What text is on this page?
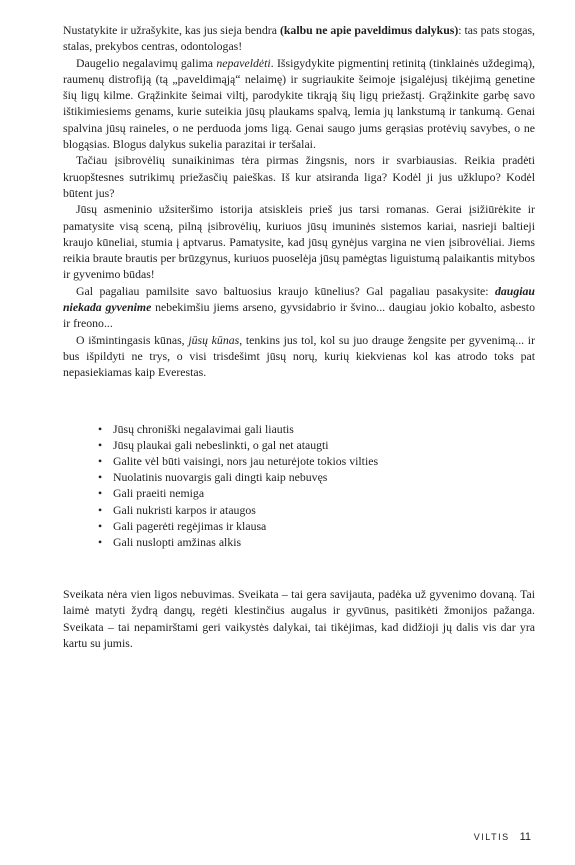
Nustatykite ir užrašykite, kas jus sieja bendra (kalbu ne apie paveldimus dalykus): tas pats stogas, stalas, prekybos centras, odontologas!

Daugelio negalavimų galima nepaveldėti. Išsigydykite pigmentinį retinitą (tinklainės uždegimą), raumenų distrofiją (tą „paveldimąją“ nelaimę) ir sugriaukite šeimoje įsigalėjusį tikėjimą genetine šių ligų kilme. Grąžinkite šeimai viltį, parodykite tikrąją šių ligų priežastį. Grąžinkite garbę savo ištikimiesiems genams, kurie suteikia jūsų plaukams spalvą, lemia jų lankstumą ir tankumą. Genai spalvina jūsų raineles, o ne perduoda joms ligą. Genai saugo jums gerąsias protėvių savybes, o ne blogąsias. Blogus dalykus sukelia parazitai ir teršalai.

Tačiau įsibrovėlių sunaikinimas tėra pirmas žingsnis, nors ir svarbiausias. Reikia pradėti kruopštesnes sutrikimų priežasčių paieškas. Iš kur atsiranda liga? Kodėl ji jus užklupo? Kodėl būtent jus?

Jūsų asmeninio užsiteršimo istorija atsiskleis prieš jus tarsi romanas. Gerai įsižiūrėkite ir pamatysite visą sceną, pilną įsibrovėlių, kuriuos jūsų imuninės sistemos kariai, nasrieji baltieji kraujo kūneliai, stumia į aptvarus. Pamatysite, kad jūsų gynėjus vargina ne vien įsibrovėliai. Jiems reikia braute brautis per brūzgynus, kuriuos puoselėja jūsų pamėgtas liguistumą palaikantis mitybos ir gyvenimo būdas!

Gal pagaliau pamilsite savo baltuosius kraujo kūnelius? Gal pagaliau pasakysite: daugiau niekada gyvenime nebekimšiu jiems arseno, gyvsidabrio ir švino... daugiau jokio kobalto, asbesto ir freono...

O išmintingasis kūnas, jūsų kūnas, tenkins jus tol, kol su juo drauge žengsite per gyvenimą... ir bus išpildyti ne trys, o visi trisdešimt jūsų norų, kurių kiekvienas kol kas atrodo toks pat nepasiekiamas kaip Everestas.

• Jūsų chroniški negalavimai gali liautis
• Jūsų plaukai gali nebeslinkti, o gal net ataugti
• Galite vėl būti vaisingi, nors jau neturėjote tokios vilties
• Nuolatinis nuovargis gali dingti kaip nebuvęs
• Gali praeiti nemiga
• Gali nukristi karpos ir ataugos
• Gali pagerėti regėjimas ir klausa
• Gali nuslopti amžinas alkis

Sveikata nėra vien ligos nebuvimas. Sveikata – tai gera savijauta, padėka už gyvenimo dovaną. Tai laimė matyti žydrą dangų, regėti klestinčius augalus ir gyvūnus, pasitikėti žmonijos pažanga. Sveikata – tai nepamirštami geri vaikystės dalykai, tai tikėjimas, kad didžioji jų dalis vis dar yra kartu su jumis.

VILTIS 11
